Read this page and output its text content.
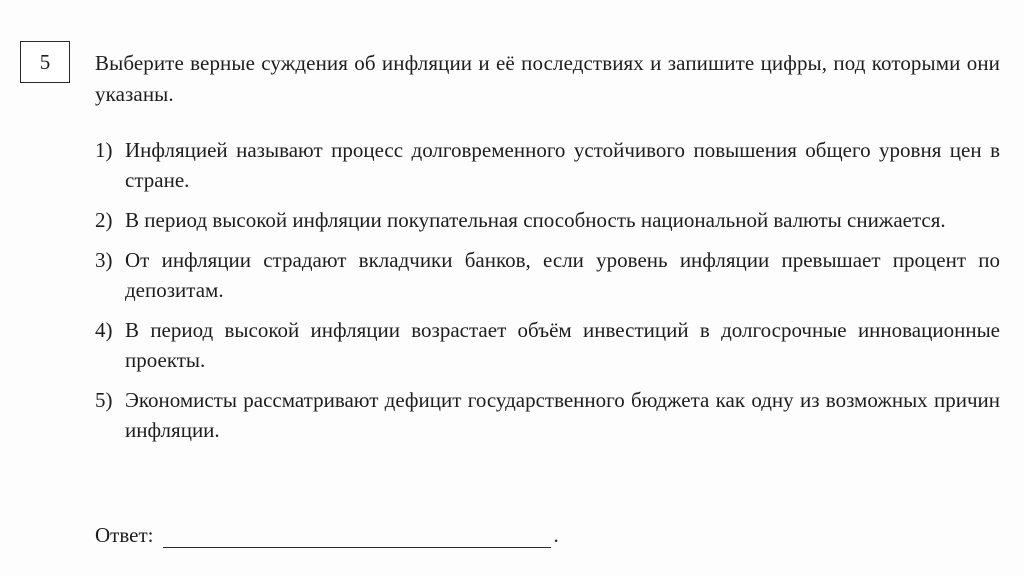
5 Выберите верные суждения об инфляции и её последствиях и запишите цифры, под которыми они указаны.

1) Инфляцией называют процесс долговременного устойчивого повышения общего уровня цен в стране.
2) В период высокой инфляции покупательная способность национальной валюты снижается.
3) От инфляции страдают вкладчики банков, если уровень инфляции превышает процент по депозитам.
4) В период высокой инфляции возрастает объём инвестиций в долгосрочные инновационные проекты.
5) Экономисты рассматривают дефицит государственного бюджета как одну из возможных причин инфляции.
Ответ:	.
